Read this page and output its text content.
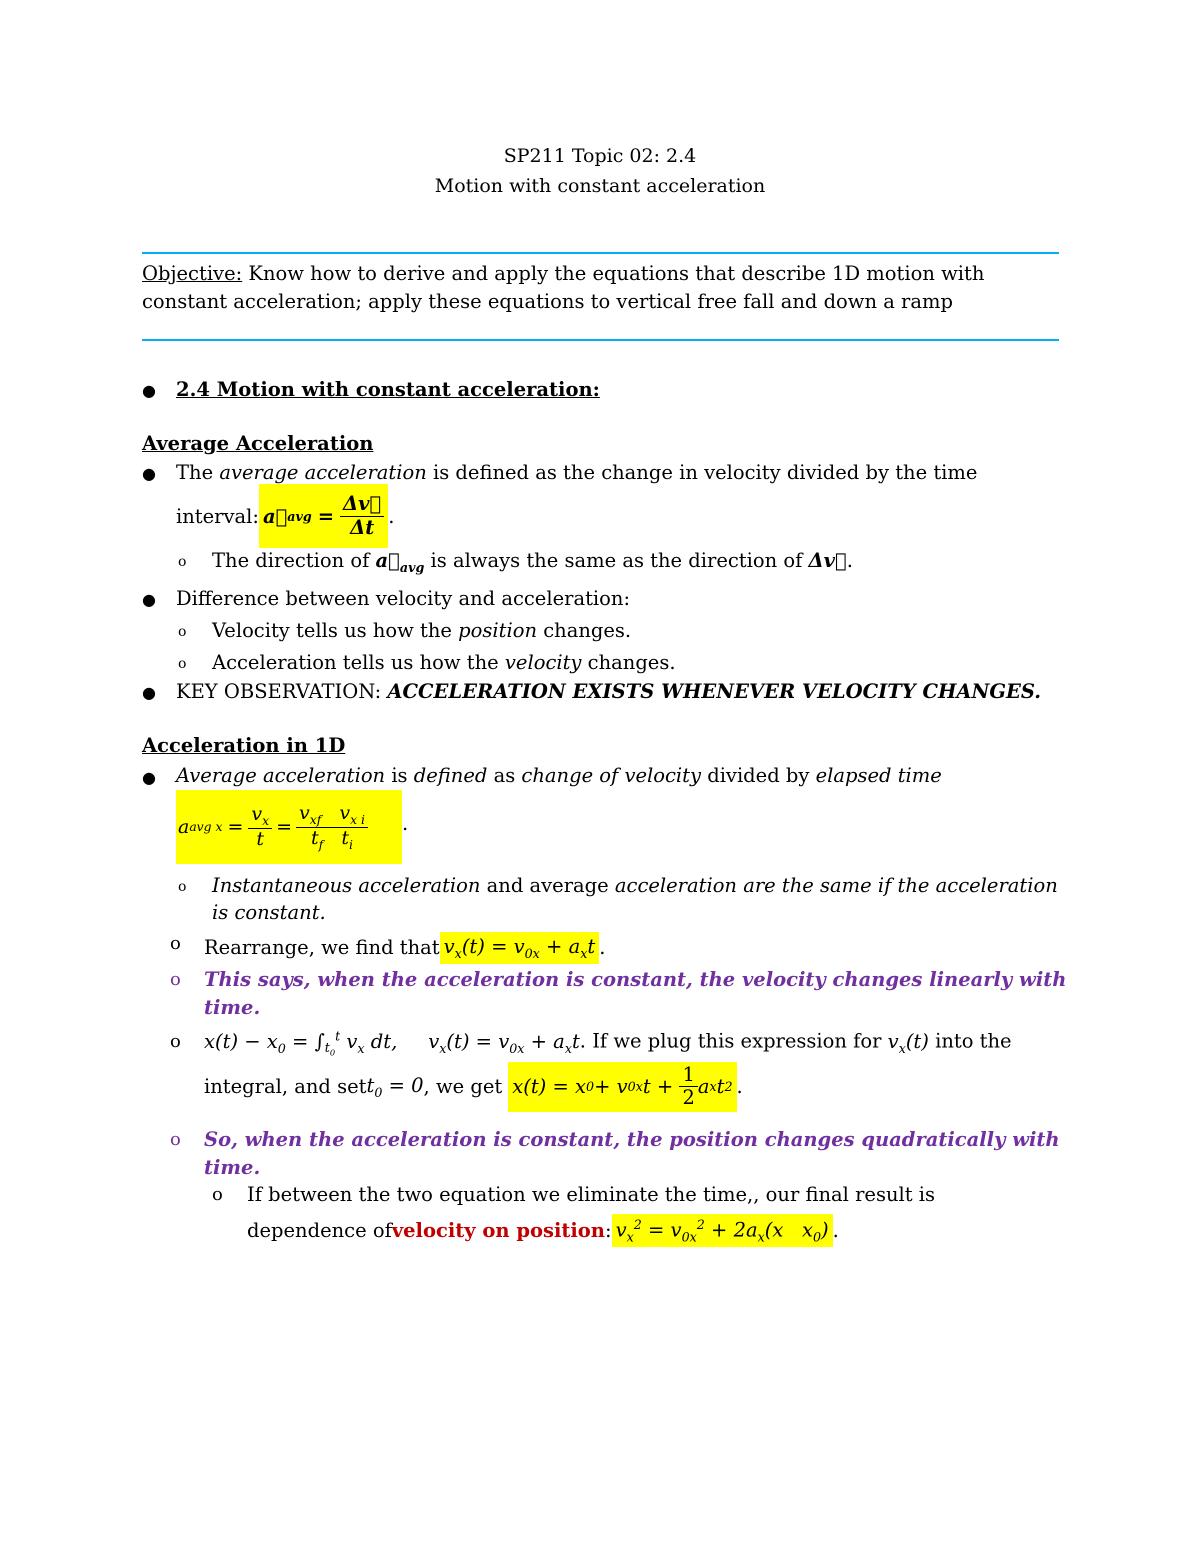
SP211 Topic 02: 2.4
Motion with constant acceleration
Objective: Know how to derive and apply the equations that describe 1D motion with
constant acceleration; apply these equations to vertical free fall and down a ramp
● 2.4 Motion with constant acceleration:
Average Acceleration
● The average acceleration is defined as the change in velocity divided by the time
interval: a⃗ avg = $\frac{\Delta v⃗}{\Delta t}$ .
o The direction of $a⃗_{avg}$ is always the same as the direction of Δv⃗.
● Difference between velocity and acceleration:
o Velocity tells us how the position changes.
o Acceleration tells us how the velocity changes.
● KEY OBSERVATION: ACCELERATION EXISTS WHENEVER VELOCITY CHANGES.
Acceleration in 1D
● Average acceleration is defined as change of velocity divided by elapsed time
a avg $x = \frac{v_x}{t} = \frac{v_{xf} v_{x i}}{t_f t_i}$ .
o Instantaneous acceleration and average acceleration are the same if the acceleration
is constant.
o Rearrange, we find that $v_x(t) = v_{0x} + a_xt$ .
o This says, when the acceleration is constant, the velocity changes linearly with
time.
o $x(t) - x_0 = \int_{t_0}^t$ $v_x$ dt,     $v_x(t) = v_{0x} + a_xt$. If we plug this expression for $v_x(t)$ into the
integral, and set $t_0 = 0$ , we get x(t) = x 0 + v 0x $t + \frac{1}{2}$ a x t 2 .
o So, when the acceleration is constant, the position changes quadratically with
time.
o If between the two equation we eliminate the time,, our final result is
dependence of velocity on position : $v_x^2 = v_{0x}^2 + 2a_x(x$   $x_0$) .
